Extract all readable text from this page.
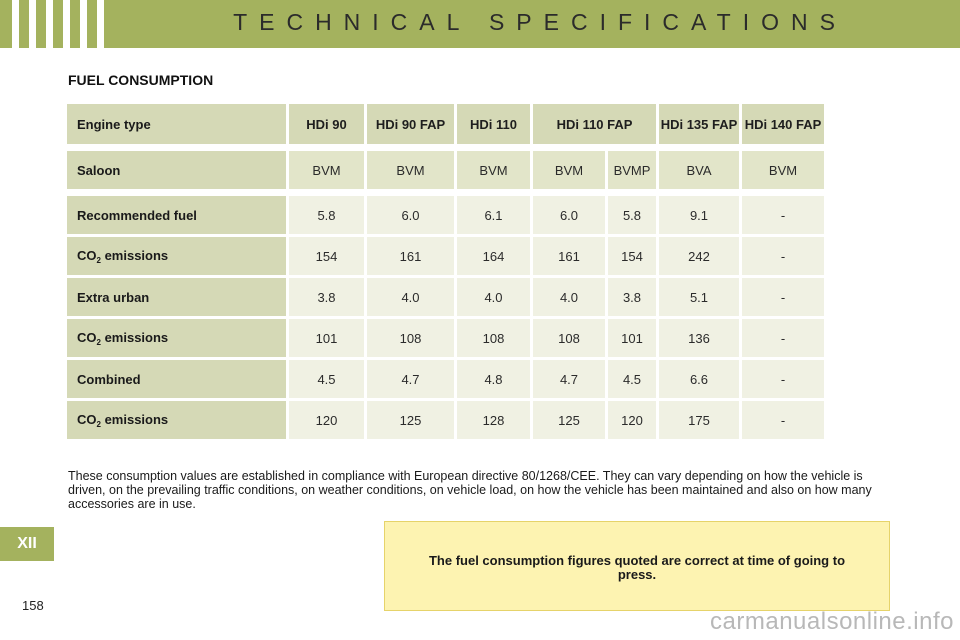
TECHNICAL SPECIFICATIONS
FUEL CONSUMPTION
Engine type	HDi 90	HDi 90 FAP	HDi 110	HDi 110 FAP		HDi 135 FAP	HDi 140 FAP

Saloon	BVM	BVM	BVM	BVM	BVMP	BVA	BVM

Recommended fuel	5.8	6.0	6.1	6.0	5.8	9.1	-
$CO_2$ emissions	154	161	164	161	154	242	-
Extra urban	3.8	4.0	4.0	4.0	3.8	5.1	-
$CO_2$ emissions	101	108	108	108	101	136	-
Combined	4.5	4.7	4.8	4.7	4.5	6.6	-
$CO_2$ emissions	120	125	128	125	120	175	-
These consumption values are established in compliance with European directive 80/1268/CEE. They can vary depending on how the vehicle is driven, on the prevailing traffic conditions, on weather conditions, on vehicle load, on how the vehicle has been maintained and also on how many accessories are in use.
XII
158
The fuel consumption figures quoted are correct at time of going to press.
carmanualsonline.info
